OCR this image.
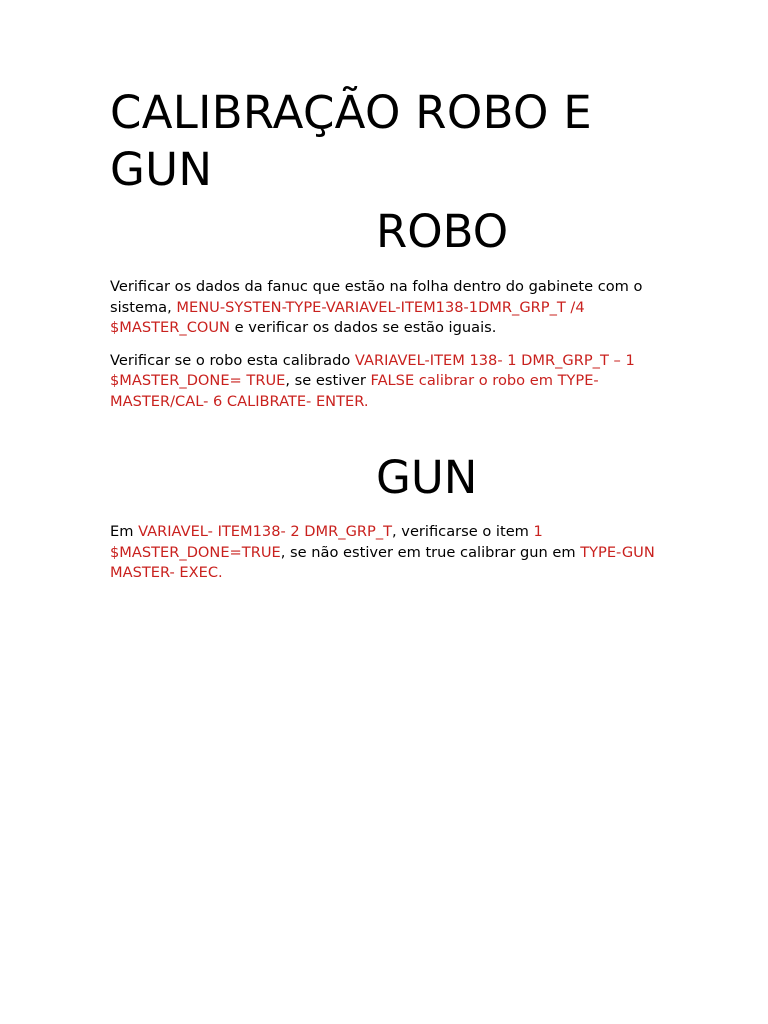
CALIBRAÇÃO ROBO E GUN
ROBO

Verificar os dados da fanuc que estão na folha dentro do gabinete com o sistema, MENU-SYSTEN-TYPE-VARIAVEL-ITEM138-1DMR_GRP_T /4 $MASTER_COUN e verificar os dados se estão iguais.

Verificar se o robo esta calibrado VARIAVEL-ITEM 138- 1 DMR_GRP_T – 1 $MASTER_DONE= TRUE, se estiver FALSE calibrar o robo em TYPE-MASTER/CAL- 6 CALIBRATE- ENTER.

GUN

Em VARIAVEL- ITEM138- 2 DMR_GRP_T, verificarse o item 1 $MASTER_DONE=TRUE, se não estiver em true calibrar gun em TYPE-GUN MASTER- EXEC.
